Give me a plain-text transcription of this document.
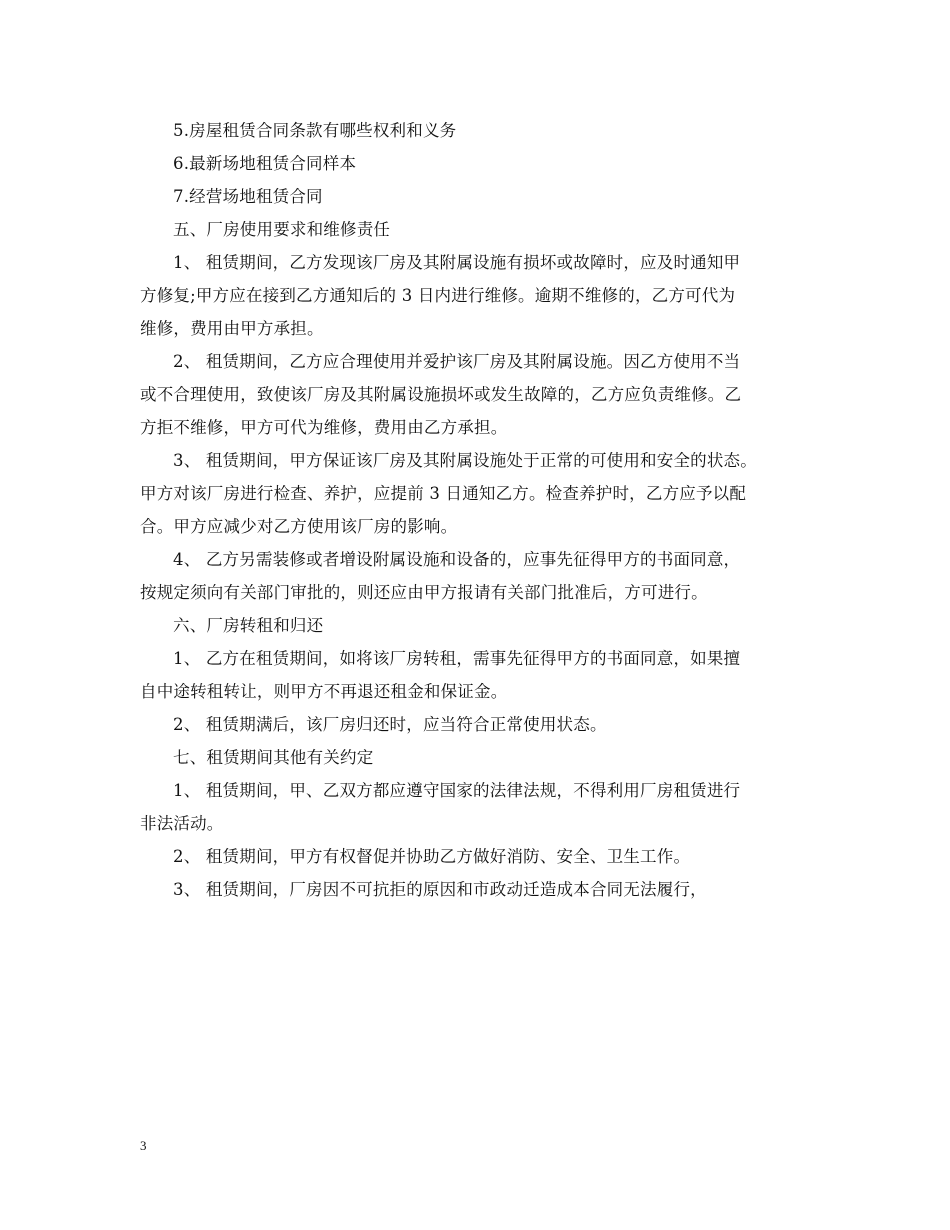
5.房屋租赁合同条款有哪些权利和义务
6.最新场地租赁合同样本
7.经营场地租赁合同
五、厂房使用要求和维修责任
1、 租赁期间，乙方发现该厂房及其附属设施有损坏或故障时，应及时通知甲
方修复;甲方应在接到乙方通知后的 3 日内进行维修。逾期不维修的，乙方可代为
维修，费用由甲方承担。
2、 租赁期间，乙方应合理使用并爱护该厂房及其附属设施。因乙方使用不当
或不合理使用，致使该厂房及其附属设施损坏或发生故障的，乙方应负责维修。乙
方拒不维修，甲方可代为维修，费用由乙方承担。
3、 租赁期间，甲方保证该厂房及其附属设施处于正常的可使用和安全的状态。
甲方对该厂房进行检查、养护，应提前 3 日通知乙方。检查养护时，乙方应予以配
合。甲方应减少对乙方使用该厂房的影响。
4、 乙方另需装修或者增设附属设施和设备的，应事先征得甲方的书面同意，
按规定须向有关部门审批的，则还应由甲方报请有关部门批准后，方可进行。
六、厂房转租和归还
1、 乙方在租赁期间，如将该厂房转租，需事先征得甲方的书面同意，如果擅
自中途转租转让，则甲方不再退还租金和保证金。
2、 租赁期满后，该厂房归还时，应当符合正常使用状态。
七、租赁期间其他有关约定
1、 租赁期间，甲、乙双方都应遵守国家的法律法规，不得利用厂房租赁进行
非法活动。
2、 租赁期间，甲方有权督促并协助乙方做好消防、安全、卫生工作。
3、 租赁期间，厂房因不可抗拒的原因和市政动迁造成本合同无法履行，
3
